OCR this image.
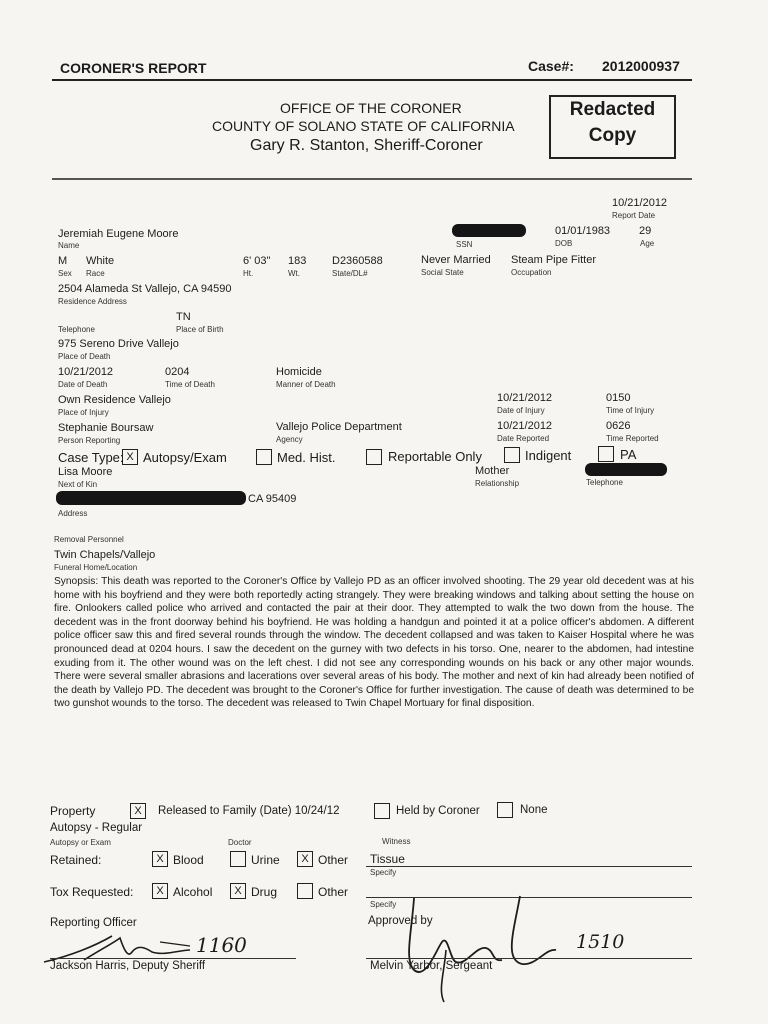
CORONER'S REPORT	Case#: 2012000937
OFFICE OF THE CORONER
COUNTY OF SOLANO STATE OF CALIFORNIA
Gary R. Stanton, Sheriff-Coroner
Redacted
Copy
10/21/2012
Report Date
Jeremiah Eugene Moore
Name	SSN
01/01/1983
DOB
29
Age
M
Sex
White
Race
6' 03"
Ht.
183
Wt.
D2360588
State/DL#
Never Married
Social State
Steam Pipe Fitter
Occupation
2504 Alameda St Vallejo, CA 94590
Residence Address
TN
Telephone	Place of Birth
975 Sereno Drive Vallejo
Place of Death
10/21/2012
Date of Death
0204
Time of Death
Homicide
Manner of Death
Own Residence Vallejo
Place of Injury
10/21/2012
Date of Injury
0150
Time of Injury
Stephanie Boursaw
Person Reporting
Vallejo Police Department
Agency
10/21/2012
Date Reported
0626
Time Reported
Case Type: X Autopsy/Exam	Med. Hist.	Reportable Only	Indigent	PA
Lisa Moore
Next of Kin
Mother
Relationship	Telephone
CA 95409
Address
Removal Personnel
Twin Chapels/Vallejo
Funeral Home/Location
Synopsis: This death was reported to the Coroner's Office by Vallejo PD as an officer involved shooting. The 29 year old decedent was at his home with his boyfriend and they were both reportedly acting strangely. They were breaking windows and talking about setting the house on fire. Onlookers called police who arrived and contacted the pair at their door. They attempted to walk the two down from the house. The decedent was in the front doorway behind his boyfriend. He was holding a handgun and pointed it at a police officer's abdomen. A different police officer saw this and fired several rounds through the window. The decedent collapsed and was taken to Kaiser Hospital where he was pronounced dead at 0204 hours. I saw the decedent on the gurney with two defects in his torso. One, nearer to the abdomen, had intestine exuding from it. The other wound was on the left chest. I did not see any corresponding wounds on his back or any other major wounds. There were several smaller abrasions and lacerations over several areas of his body. The mother and next of kin had already been notified of the death by Vallejo PD. The decedent was brought to the Coroner's Office for further investigation. The cause of death was determined to be two gunshot wounds to the torso. The decedent was released to Twin Chapel Mortuary for final disposition.
Property	X	Released to Family (Date) 10/24/12	Held by Coroner	None
Autopsy - Regular
Autopsy or Exam	Doctor	Witness
Retained:	X Blood	Urine	X Other Tissue
Specify
Tox Requested:	X Alcohol	X Drug	Other
Specify
Reporting Officer
1160
Jackson Harris, Deputy Sheriff
Approved by
1510
Melvin Yarbor, Sergeant
